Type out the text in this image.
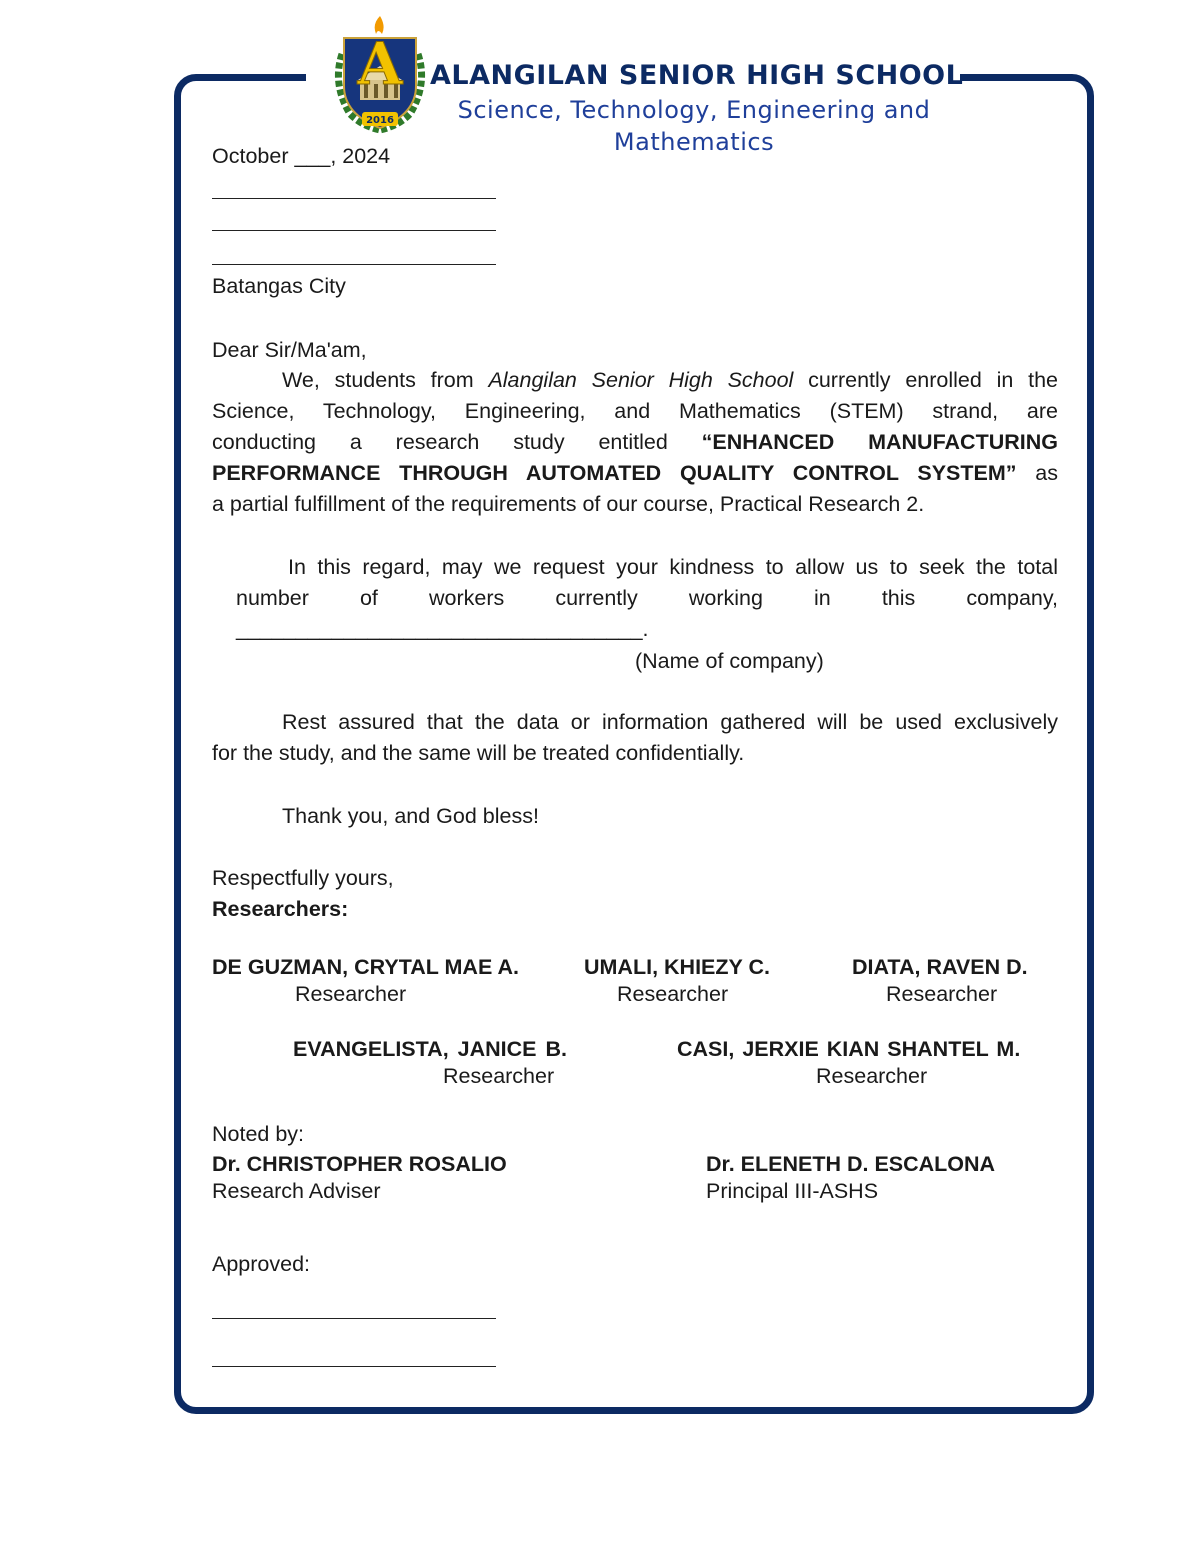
A
2016
ALANGILAN SENIOR HIGH SCHOOL
Science, Technology, Engineering and
Mathematics
October ___, 2024
Batangas City
Dear Sir/Ma'am,
We, students from Alangilan Senior High School currently enrolled in the
Science, Technology, Engineering, and Mathematics (STEM) strand, are
conducting a research study entitled “ENHANCED MANUFACTURING
PERFORMANCE THROUGH AUTOMATED QUALITY CONTROL SYSTEM” as
a partial fulfillment of the requirements of our course, Practical Research 2.
In this regard, may we request your kindness to allow us to seek the total
number of workers currently working in this company,
__________________________________.
(Name of company)
Rest assured that the data or information gathered will be used exclusively
for the study, and the same will be treated confidentially.
Thank you, and God bless!
Respectfully yours,
Researchers:
DE GUZMAN, CRYTAL MAE A.
Researcher
UMALI, KHIEZY C.
Researcher
DIATA, RAVEN D.
Researcher
EVANGELISTA, JANICE B.
Researcher
CASI, JERXIE KIAN SHANTEL M.
Researcher
Noted by:
Dr. CHRISTOPHER ROSALIO
Research Adviser
Dr. ELENETH D. ESCALONA
Principal III-ASHS
Approved:
